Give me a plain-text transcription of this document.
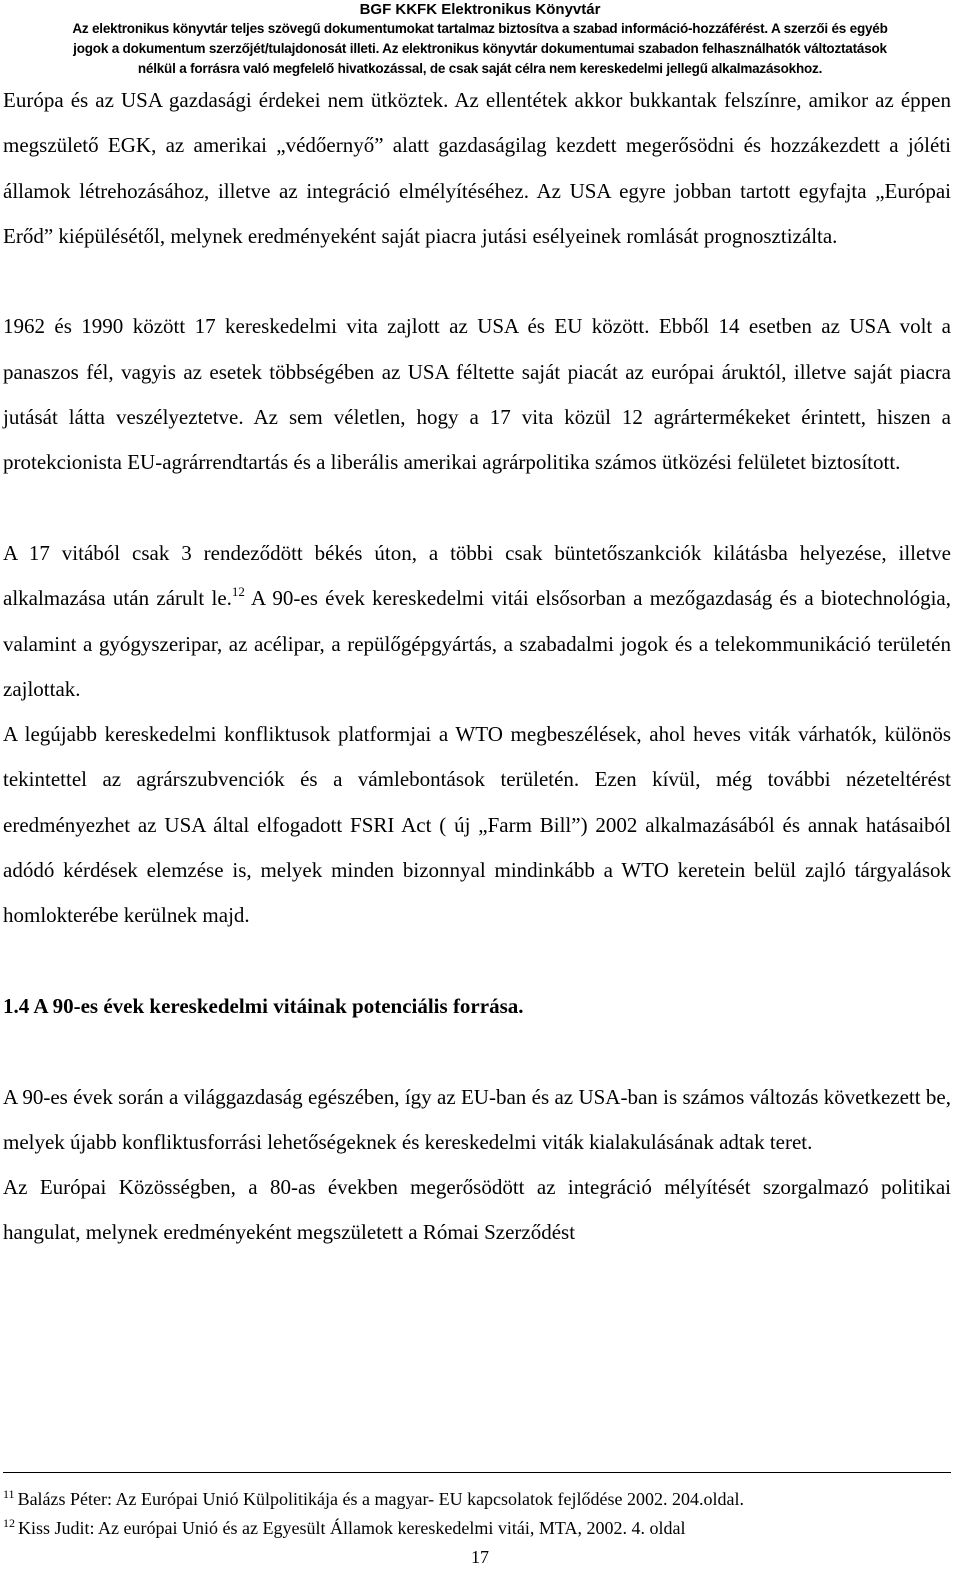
BGF KKFK Elektronikus Könyvtár
Az elektronikus könyvtár teljes szövegű dokumentumokat tartalmaz biztosítva a szabad információ-hozzáférést. A szerzői és egyéb
jogok a dokumentum szerzőjét/tulajdonosát illeti. Az elektronikus könyvtár dokumentumai szabadon felhasználhatók változtatások
nélkül a forrásra való megfelelő hivatkozással, de csak saját célra nem kereskedelmi jellegű alkalmazásokhoz.

Európa és az USA gazdasági érdekei nem ütköztek. Az ellentétek akkor bukkantak felszínre, amikor az éppen megszülető EGK, az amerikai „védőernyő” alatt gazdaságilag kezdett megerősödni és hozzákezdett a jóléti államok létrehozásához, illetve az integráció elmélyítéséhez. Az USA egyre jobban tartott egyfajta „Európai Erőd” kiépülésétől, melynek eredményeként saját piacra jutási esélyeinek romlását prognosztizálta.

1962 és 1990 között 17 kereskedelmi vita zajlott az USA és EU között. Ebből 14 esetben az USA volt a panaszos fél, vagyis az esetek többségében az USA féltette saját piacát az európai áruktól, illetve saját piacra jutását látta veszélyeztetve. Az sem véletlen, hogy a 17 vita közül 12 agrártermékeket érintett, hiszen a protekcionista EU-agrárrendtartás és a liberális amerikai agrárpolitika számos ütközési felületet biztosított.

A 17 vitából csak 3 rendeződött békés úton, a többi csak büntetőszankciók kilátásba helyezése, illetve alkalmazása után zárult le.$^{12}$ A 90-es évek kereskedelmi vitái elsősorban a mezőgazdaság és a biotechnológia, valamint a gyógyszeripar, az acélipar, a repülőgépgyártás, a szabadalmi jogok és a telekommunikáció területén zajlottak.

A legújabb kereskedelmi konfliktusok platformjai a WTO megbeszélések, ahol heves viták várhatók, különös tekintettel az agrárszubvenciók és a vámlebontások területén. Ezen kívül, még további nézeteltérést eredményezhet az USA által elfogadott FSRI Act ( új „Farm Bill”) 2002 alkalmazásából és annak hatásaiból adódó kérdések elemzése is, melyek minden bizonnyal mindinkább a WTO keretein belül zajló tárgyalások homlokterébe kerülnek majd.

1.4 A 90-es évek kereskedelmi vitáinak potenciális forrása.

A 90-es évek során a világgazdaság egészében, így az EU-ban és az USA-ban is számos változás következett be, melyek újabb konfliktusforrási lehetőségeknek és kereskedelmi viták kialakulásának adtak teret.

Az Európai Közösségben, a 80-as években megerősödött az integráció mélyítését szorgalmazó politikai hangulat, melynek eredményeként megszületett a Római Szerződést

$^{11}$ Balázs Péter: Az Európai Unió Külpolitikája és a magyar- EU kapcsolatok fejlődése 2002. 204.oldal.
$^{12}$ Kiss Judit: Az európai Unió és az Egyesült Államok kereskedelmi vitái, MTA, 2002. 4. oldal
17
